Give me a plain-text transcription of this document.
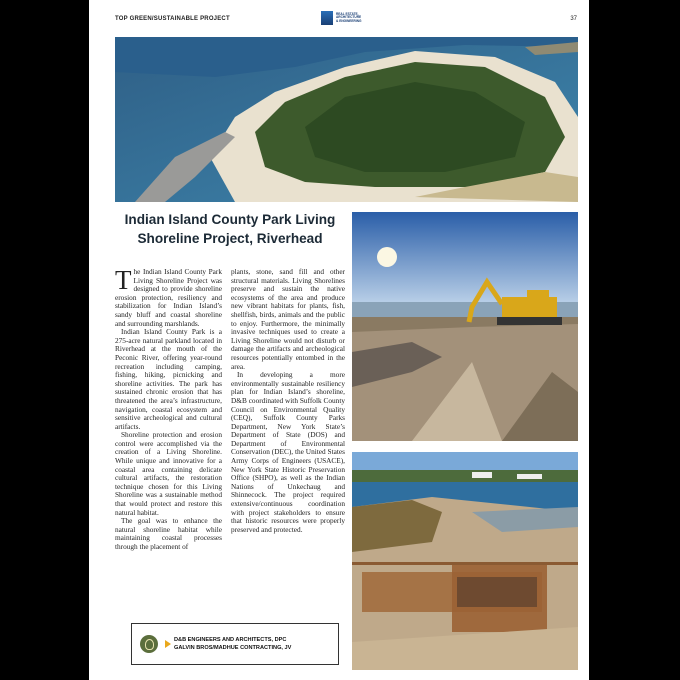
TOP GREEN/SUSTAINABLE PROJECT
REAL ESTATE,
ARCHITECTURE
& ENGINEERING	37
Indian Island County Park Living
Shoreline Project, Riverhead

The Indian Island County Park Living Shoreline Project was designed to provide shoreline erosion protection, resiliency and stabilization for Indian Island’s sandy bluff and coastal shoreline and surrounding marshlands.

Indian Island County Park is a 275-acre natural parkland located in Riverhead at the mouth of the Peconic River, offering year-round recreation including camping, fishing, hiking, picnicking and shoreline activities. The park has sustained chronic erosion that has threatened the area’s infrastructure, navigation, coastal ecosystem and sensitive archeological and cultural artifacts.

Shoreline protection and erosion control were accomplished via the creation of a Living Shoreline. While unique and innovative for a coastal area containing delicate cultural artifacts, the restoration technique chosen for this Living Shoreline was a sustainable method that would protect and restore this natural habitat.

The goal was to enhance the natural shoreline habitat while maintaining coastal processes through the placement of

plants, stone, sand fill and other structural materials. Living Shorelines preserve and sustain the native ecosystems of the area and produce new vibrant habitats for plants, fish, shellfish, birds, animals and the public to enjoy. Furthermore, the minimally invasive techniques used to create a Living Shoreline would not disturb or damage the artifacts and archeological resources potentially entombed in the area.

In developing a more environmentally sustainable resiliency plan for Indian Island’s shoreline, D&B coordinated with Suffolk County Council on Environmental Quality (CEQ), Suffolk County Parks Department, New York State’s Department of State (DOS) and Department of Environmental Conservation (DEC), the United States Army Corps of Engineers (USACE), New York State Historic Preservation Office (SHPO), as well as the Indian Nations of Unkechaug and Shinnecock. The project required extensive/continuous coordination with project stakeholders to ensure that historic resources were properly preserved and protected.

D&B ENGINEERS AND ARCHITECTS, DPC
GALVIN BROS/MADHUE CONTRACTING, JV
